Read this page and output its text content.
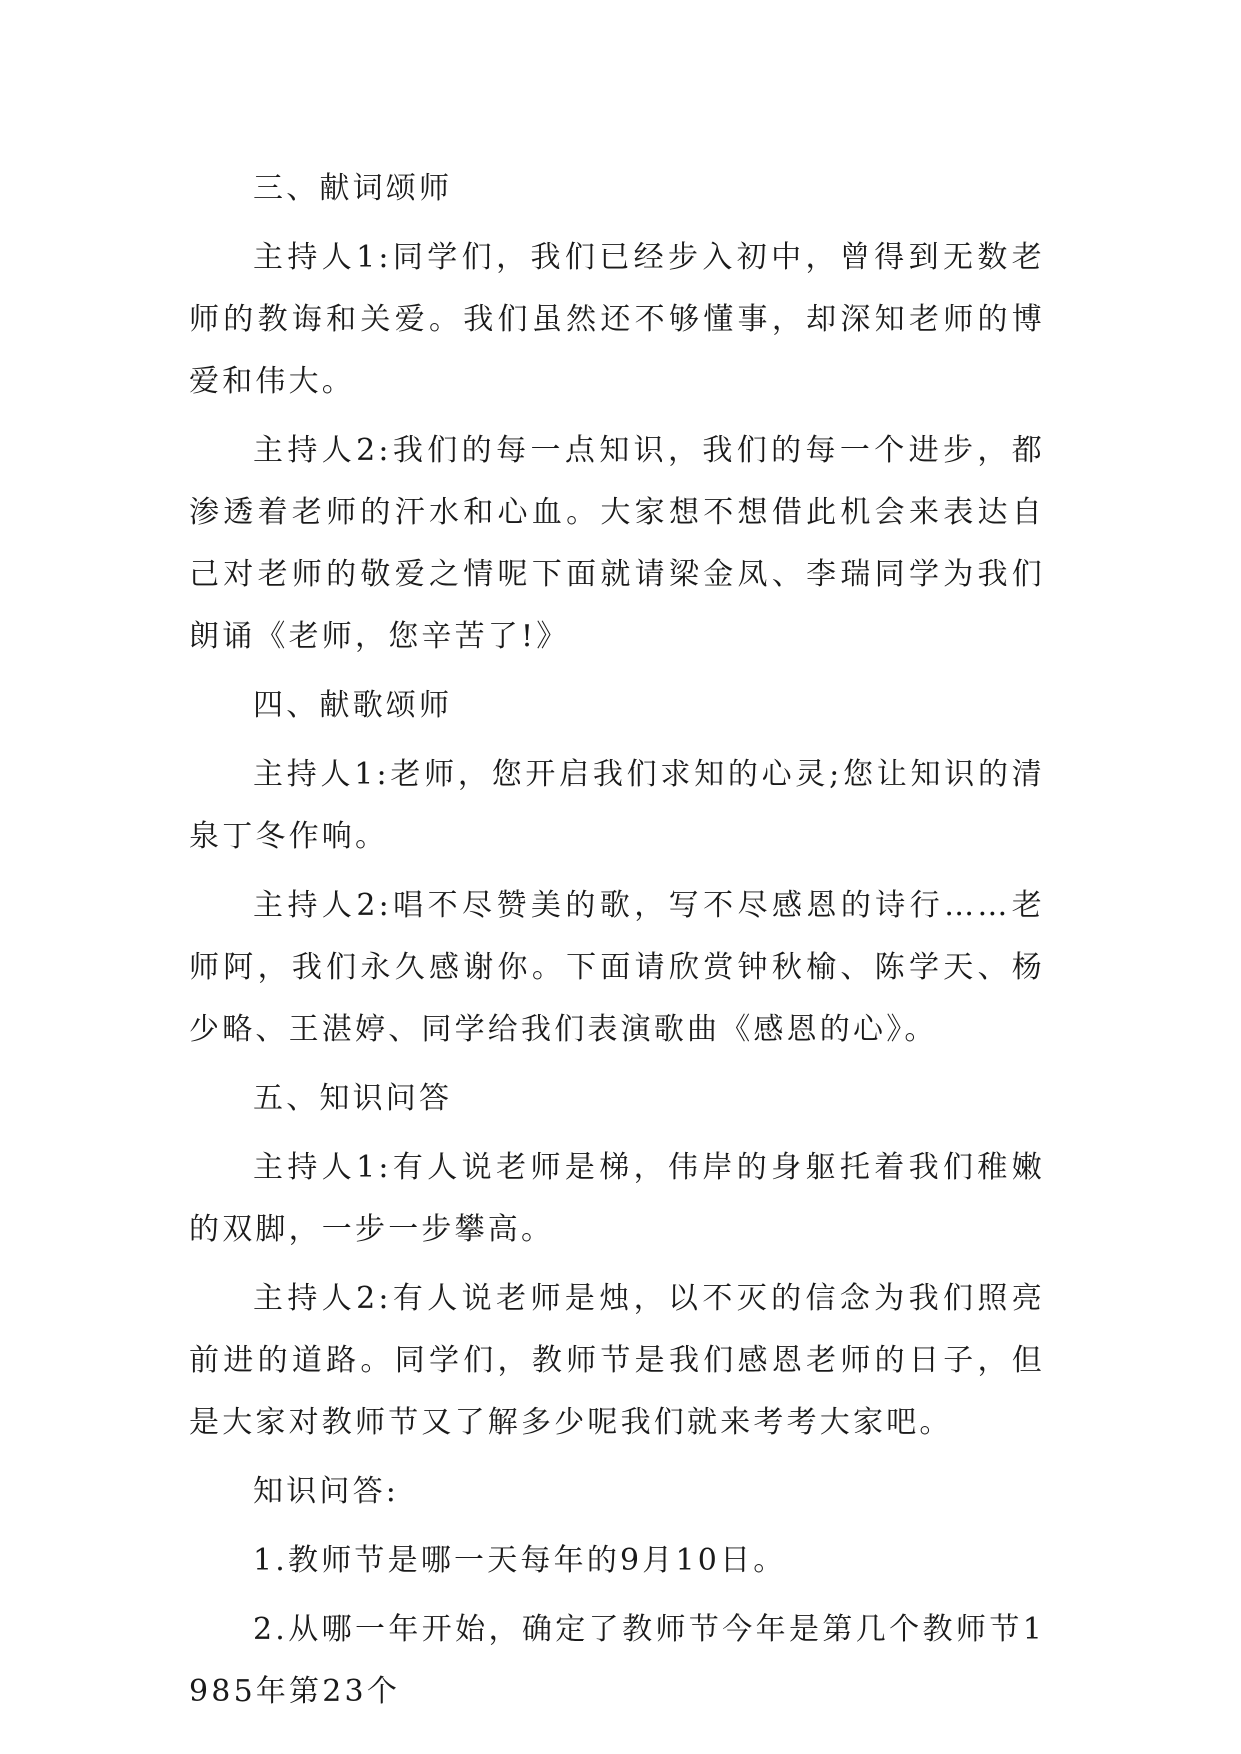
三、献词颂师

主持人1:同学们，我们已经步入初中，曾得到无数老师的教诲和关爱。我们虽然还不够懂事，却深知老师的博爱和伟大。

主持人2:我们的每一点知识，我们的每一个进步，都渗透着老师的汗水和心血。大家想不想借此机会来表达自己对老师的敬爱之情呢下面就请梁金凤、李瑞同学为我们朗诵《老师，您辛苦了!》

四、献歌颂师

主持人1:老师，您开启我们求知的心灵;您让知识的清泉丁冬作响。

主持人2:唱不尽赞美的歌，写不尽感恩的诗行……老师阿，我们永久感谢你。下面请欣赏钟秋榆、陈学天、杨少略、王湛婷、同学给我们表演歌曲《感恩的心》。

五、知识问答

主持人1:有人说老师是梯，伟岸的身躯托着我们稚嫩的双脚，一步一步攀高。

主持人2:有人说老师是烛，以不灭的信念为我们照亮前进的道路。同学们，教师节是我们感恩老师的日子，但是大家对教师节又了解多少呢我们就来考考大家吧。

知识问答:

1.教师节是哪一天每年的9月10日。

2.从哪一年开始，确定了教师节今年是第几个教师节1985年第23个
